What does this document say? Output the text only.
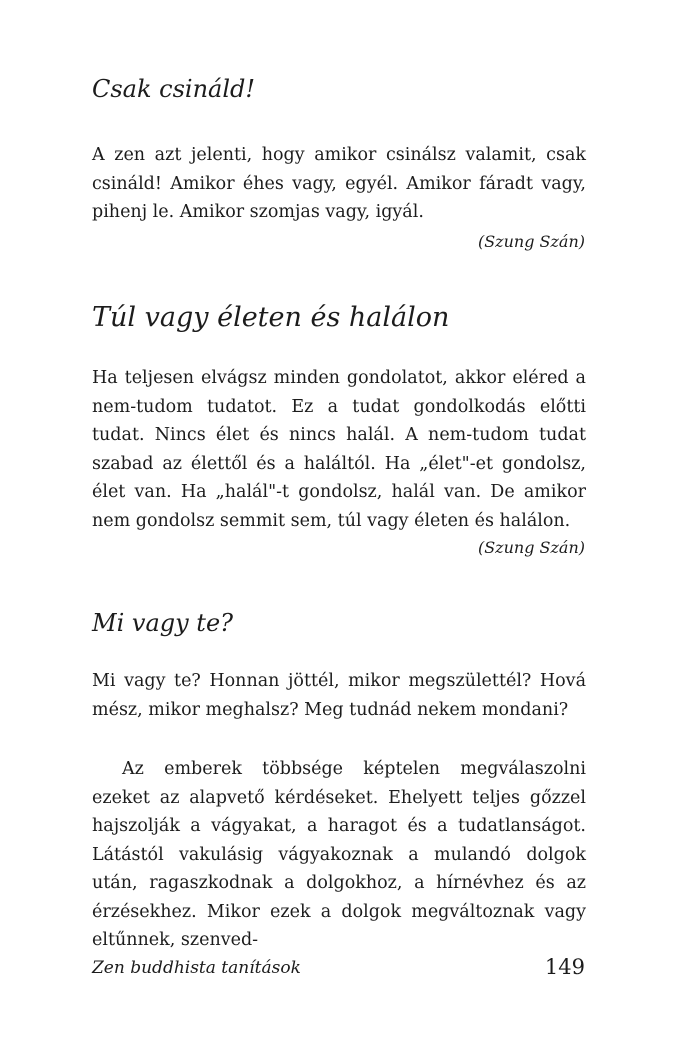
Csak csináld!

A zen azt jelenti, hogy amikor csinálsz valamit, csak csináld! Amikor éhes vagy, egyél. Amikor fáradt vagy, pihenj le. Amikor szomjas vagy, igyál.

(Szung Szán)

Túl vagy életen és halálon

Ha teljesen elvágsz minden gondolatot, akkor eléred a nem-tudom tudatot. Ez a tudat gondolkodás előtti tudat. Nincs élet és nincs halál. A nem-tudom tudat szabad az élettől és a haláltól. Ha „élet"-et gondolsz, élet van. Ha „halál"-t gondolsz, halál van. De amikor nem gondolsz semmit sem, túl vagy életen és halálon.

(Szung Szán)

Mi vagy te?

Mi vagy te? Honnan jöttél, mikor megszülettél? Hová mész, mikor meghalsz? Meg tudnád nekem mondani?

Az emberek többsége képtelen megválaszolni ezeket az alapvető kérdéseket. Ehelyett teljes gőzzel hajszolják a vágyakat, a haragot és a tudatlanságot. Látástól vakulásig vágyakoznak a mulandó dolgok után, ragaszkodnak a dolgokhoz, a hírnévhez és az érzésekhez. Mikor ezek a dolgok megváltoznak vagy eltűnnek, szenved-

Zen buddhista tanítások	149
